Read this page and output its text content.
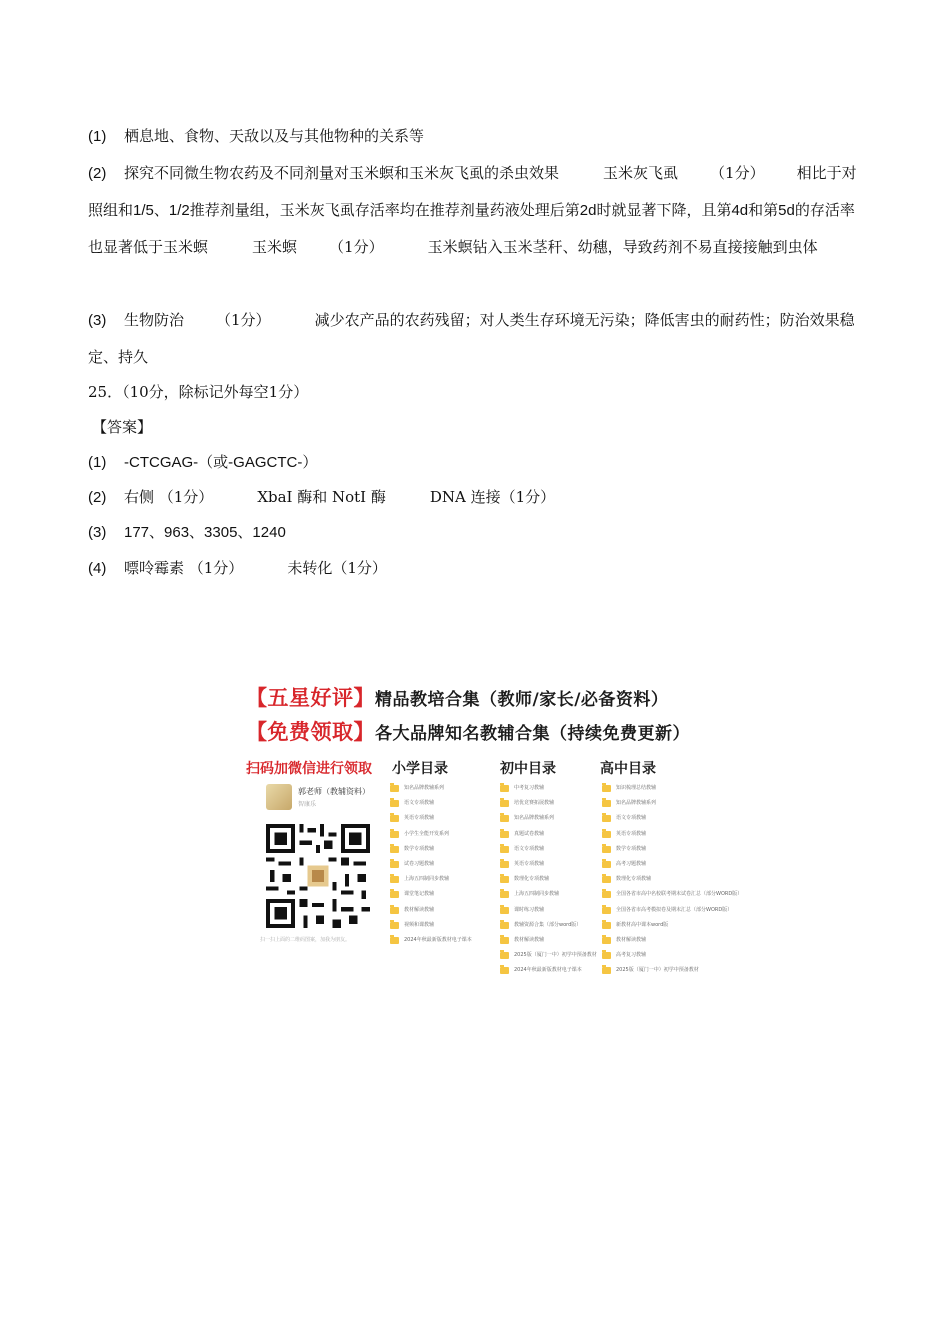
(1) 栖息地、食物、天敌以及与其他物种的关系等
(2) 探究不同微生物农药及不同剂量对玉米螟和玉米灰飞虱的杀虫效果	玉米灰飞虱 （1分） 相比于对照组和1/5、1/2推荐剂量组，玉米灰飞虱存活率均在推荐剂量药液处理后第2d时就显著下降，且第4d和第5d的存活率也显著低于玉米螟	玉米螟 （1分）	玉米螟钻入玉米茎秆、幼穗，导致药剂不易直接接触到虫体
(3) 生物防治 （1分）	减少农产品的农药残留；对人类生存环境无污染；降低害虫的耐药性；防治效果稳定、持久
25．（10分，除标记外每空1分）
【答案】
(1) -CTCGAG-（或-GAGCTC-）
(2) 右侧 （1分）	XbaI 酶和 NotI 酶	DNA 连接（1分）
(3) 177、963、3305、1240
(4) 嘌呤霉素 （1分）	未转化（1分）
【五星好评】精品教培合集（教师/家长/必备资料）
【免费领取】各大品牌知名教辅合集（持续免费更新）
扫码加微信进行领取 小学目录	初中目录	高中目录
郭老师（教辅资料）
智康乐
扫一扫上面的二维码图案，加我为朋友。
知名品牌教辅系列
语文专项教辅
英语专项教辅
小学生全能开发系列
数学专项教辅
试卷习题教辅
上海五四制同步教辅
课堂笔记教辅
教材解读教辅
视频和课教辅
2024年秋最新版教材电子课本
中考复习教辅
培优竞赛拓展教辅
知名品牌教辅系列
真题试卷教辅
语文专项教辅
英语专项教辅
数理化专项教辅
上海五四制同步教辅
课时练习教辅
教辅资源合集（部分word版）
教材解读教辅
2025版（厦门一中）初学中预备教材
2024年秋最新版教材电子课本
知识梳理总结教辅
知名品牌教辅系列
语文专项教辅
英语专项教辅
数学专项教辅
高考习题教辅
数理化专项教辅
全国各省市高中名校联考期末试卷汇总（部分WORD版）
全国各省市高考模拟卷及期末汇总（部分WORD版）
新教材高中课本word版
教材解读教辅
高考复习教辅
2025版（厦门一中）初学中预备教材
